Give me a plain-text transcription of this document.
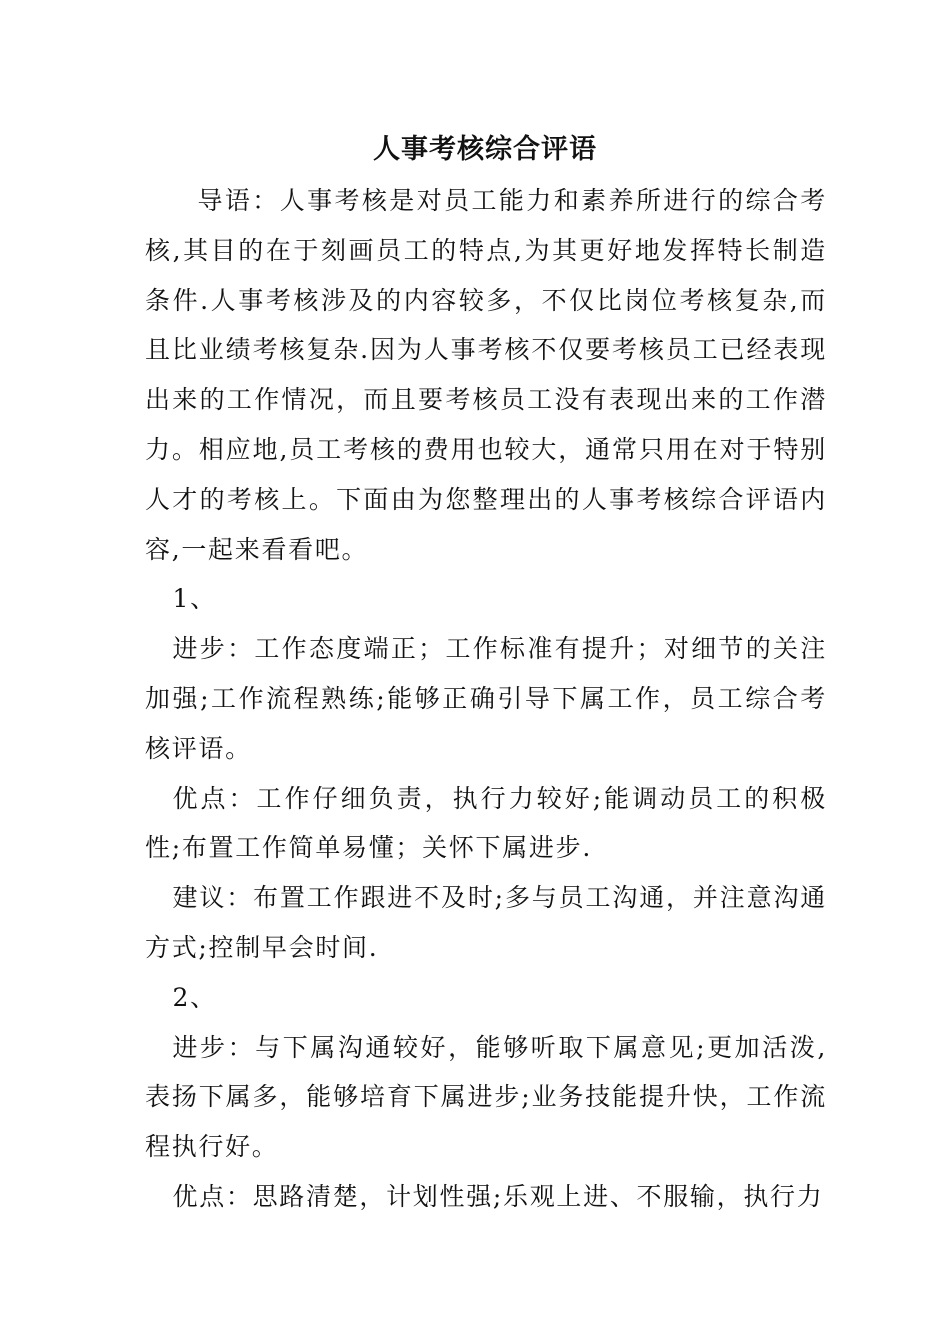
人事考核综合评语

导语：人事考核是对员工能力和素养所进行的综合考核,其目的在于刻画员工的特点,为其更好地发挥特长制造条件.人事考核涉及的内容较多，不仅比岗位考核复杂,而且比业绩考核复杂.因为人事考核不仅要考核员工已经表现出来的工作情况，而且要考核员工没有表现出来的工作潜力。相应地,员工考核的费用也较大，通常只用在对于特别人才的考核上。下面由为您整理出的人事考核综合评语内容,一起来看看吧。

1、

进步：工作态度端正；工作标准有提升；对细节的关注加强;工作流程熟练;能够正确引导下属工作，员工综合考核评语。

优点：工作仔细负责，执行力较好;能调动员工的积极性;布置工作简单易懂；关怀下属进步.

建议：布置工作跟进不及时;多与员工沟通，并注意沟通方式;控制早会时间.

2、

进步：与下属沟通较好，能够听取下属意见;更加活泼,表扬下属多，能够培育下属进步;业务技能提升快，工作流程执行好。

优点：思路清楚，计划性强;乐观上进、不服输，执行力
